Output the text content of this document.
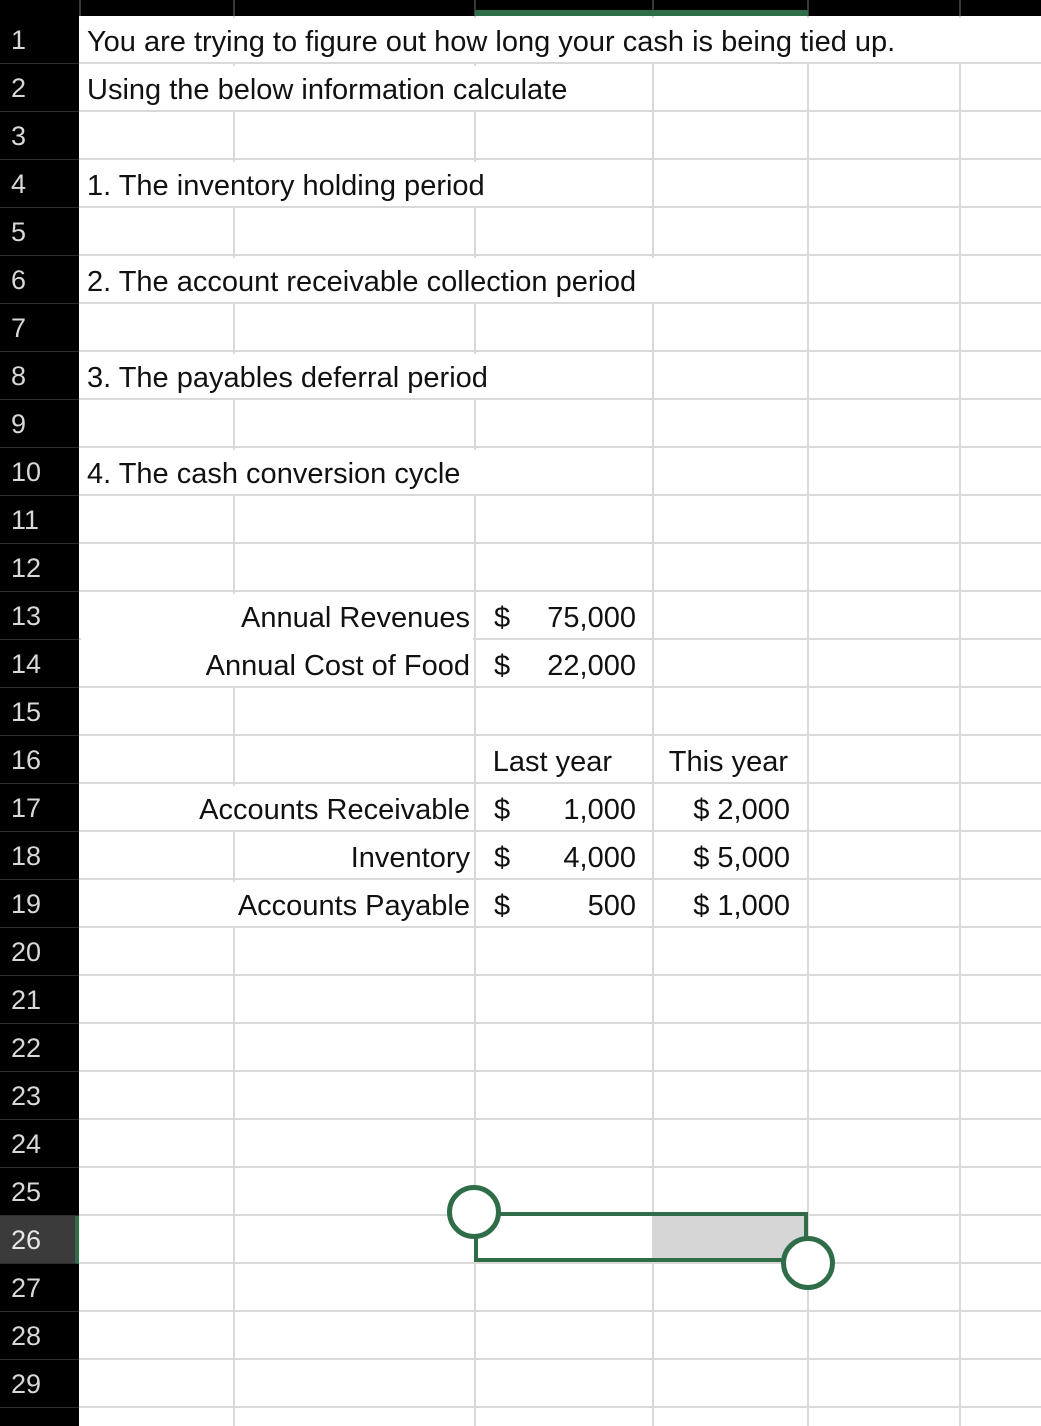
1
2
3
4
5
6
7
8
9
10
11
12
13
14
15
16
17
18
19
20
21
22
23
24
25
26
27
28
29
You are trying to figure out how long your cash is being tied up.
Using the below information calculate
1. The inventory holding period
2. The account receivable collection period
3. The payables deferral period
4. The cash conversion cycle
Annual Revenues $	75,000
Annual Cost of Food $	22,000
Last year	This year
Accounts Receivable $	1,000	$ 2,000
Inventory $	4,000	$ 5,000
Accounts Payable $	500	$ 1,000
